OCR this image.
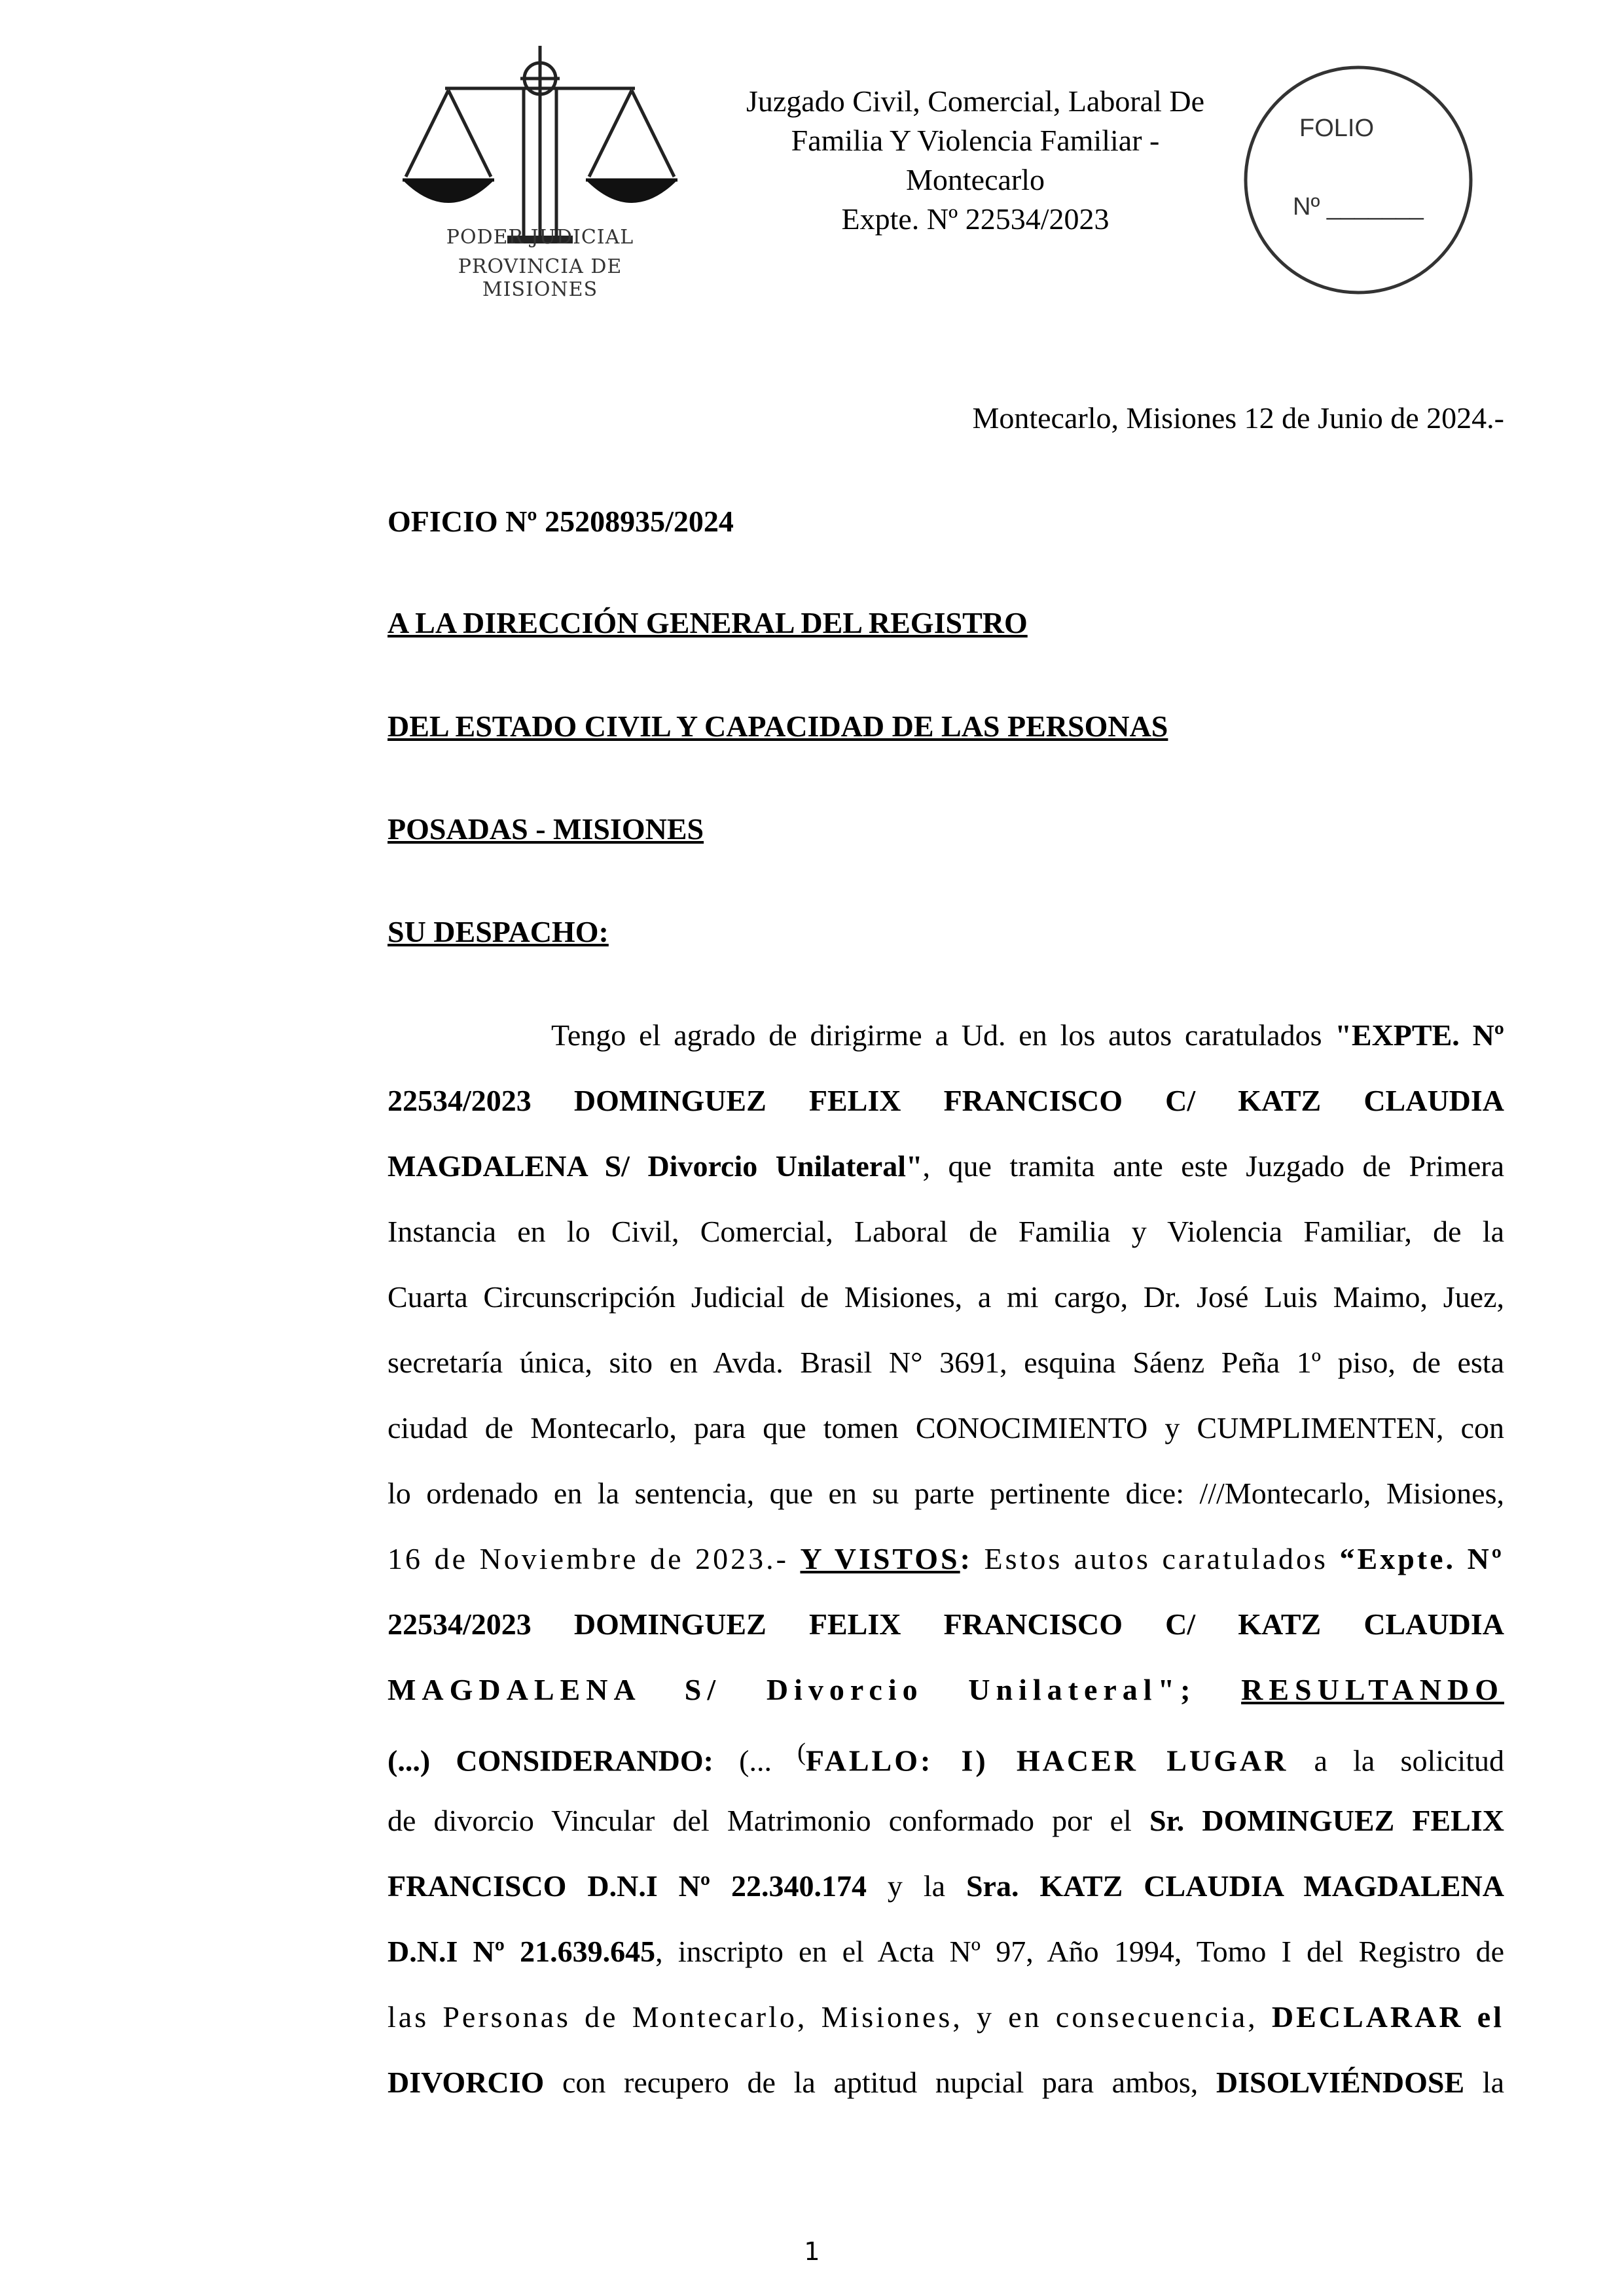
PODER JUDICIAL
PROVINCIA DE MISIONES
Juzgado Civil, Comercial, Laboral De
Familia Y Violencia Familiar -
Montecarlo
Expte. Nº 22534/2023
FOLIO
Nº _______
Montecarlo, Misiones 12 de Junio de 2024.-
OFICIO Nº 25208935/2024
A LA DIRECCIÓN GENERAL DEL REGISTRO
DEL ESTADO CIVIL Y CAPACIDAD DE LAS PERSONAS
POSADAS - MISIONES
SU DESPACHO:
Tengo el agrado de dirigirme a Ud. en los autos caratulados "EXPTE. Nº
22534/2023 DOMINGUEZ FELIX FRANCISCO C/ KATZ CLAUDIA
MAGDALENA S/ Divorcio Unilateral", que tramita ante este Juzgado de Primera
Instancia en lo Civil, Comercial, Laboral de Familia y Violencia Familiar, de la
Cuarta Circunscripción Judicial de Misiones, a mi cargo, Dr. José Luis Maimo, Juez,
secretaría única, sito en Avda. Brasil N° 3691, esquina Sáenz Peña 1º piso, de esta
ciudad de Montecarlo, para que tomen CONOCIMIENTO y CUMPLIMENTEN, con
lo ordenado en la sentencia, que en su parte pertinente dice: ///Montecarlo, Misiones,
16 de Noviembre de 2023.- Y VISTOS: Estos autos caratulados “Expte. Nº
22534/2023 DOMINGUEZ FELIX FRANCISCO C/ KATZ CLAUDIA
MAGDALENA S/ Divorcio Unilateral"; RESULTANDO
(...) CONSIDERANDO: (... (FALLO: I) HACER LUGAR a la solicitud
de divorcio Vincular del Matrimonio conformado por el Sr. DOMINGUEZ FELIX
FRANCISCO D.N.I Nº 22.340.174 y la Sra. KATZ CLAUDIA MAGDALENA
D.N.I Nº 21.639.645, inscripto en el Acta Nº 97, Año 1994, Tomo I del Registro de
las Personas de Montecarlo, Misiones, y en consecuencia, DECLARAR el
DIVORCIO con recupero de la aptitud nupcial para ambos, DISOLVIÉNDOSE la
1
